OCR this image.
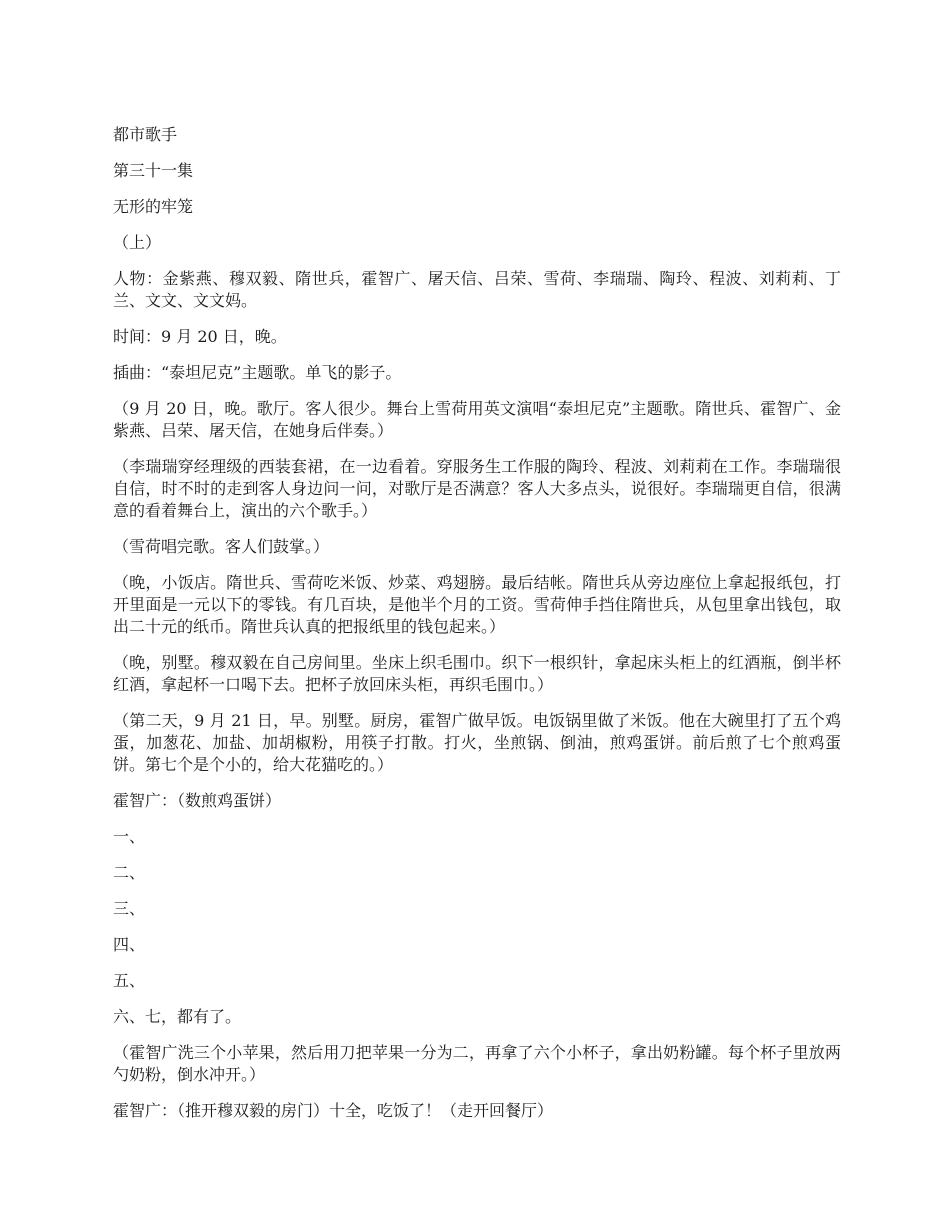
都市歌手

第三十一集

无形的牢笼

（上）

人物：金紫燕、穆双毅、隋世兵，霍智广、屠天信、吕荣、雪荷、李瑞瑞、陶玲、程波、刘莉莉、丁兰、文文、文文妈。

时间：9 月 20 日，晚。

插曲：“泰坦尼克”主题歌。单飞的影子。

（9 月 20 日，晚。歌厅。客人很少。舞台上雪荷用英文演唱“泰坦尼克”主题歌。隋世兵、霍智广、金紫燕、吕荣、屠天信，在她身后伴奏。）

（李瑞瑞穿经理级的西装套裙，在一边看着。穿服务生工作服的陶玲、程波、刘莉莉在工作。李瑞瑞很自信，时不时的走到客人身边问一问，对歌厅是否满意？客人大多点头，说很好。李瑞瑞更自信，很满意的看着舞台上，演出的六个歌手。）

（雪荷唱完歌。客人们鼓掌。）

（晚，小饭店。隋世兵、雪荷吃米饭、炒菜、鸡翅膀。最后结帐。隋世兵从旁边座位上拿起报纸包，打开里面是一元以下的零钱。有几百块，是他半个月的工资。雪荷伸手挡住隋世兵，从包里拿出钱包，取出二十元的纸币。隋世兵认真的把报纸里的钱包起来。）

（晚，别墅。穆双毅在自己房间里。坐床上织毛围巾。织下一根织针，拿起床头柜上的红酒瓶，倒半杯红酒，拿起杯一口喝下去。把杯子放回床头柜，再织毛围巾。）

（第二天，9 月 21 日，早。别墅。厨房，霍智广做早饭。电饭锅里做了米饭。他在大碗里打了五个鸡蛋，加葱花、加盐、加胡椒粉，用筷子打散。打火，坐煎锅、倒油，煎鸡蛋饼。前后煎了七个煎鸡蛋饼。第七个是个小的，给大花猫吃的。）

霍智广：（数煎鸡蛋饼）

一、

二、

三、

四、

五、

六、七，都有了。

（霍智广洗三个小苹果，然后用刀把苹果一分为二，再拿了六个小杯子，拿出奶粉罐。每个杯子里放两勺奶粉，倒水冲开。）

霍智广：（推开穆双毅的房门）十全，吃饭了！（走开回餐厅）
